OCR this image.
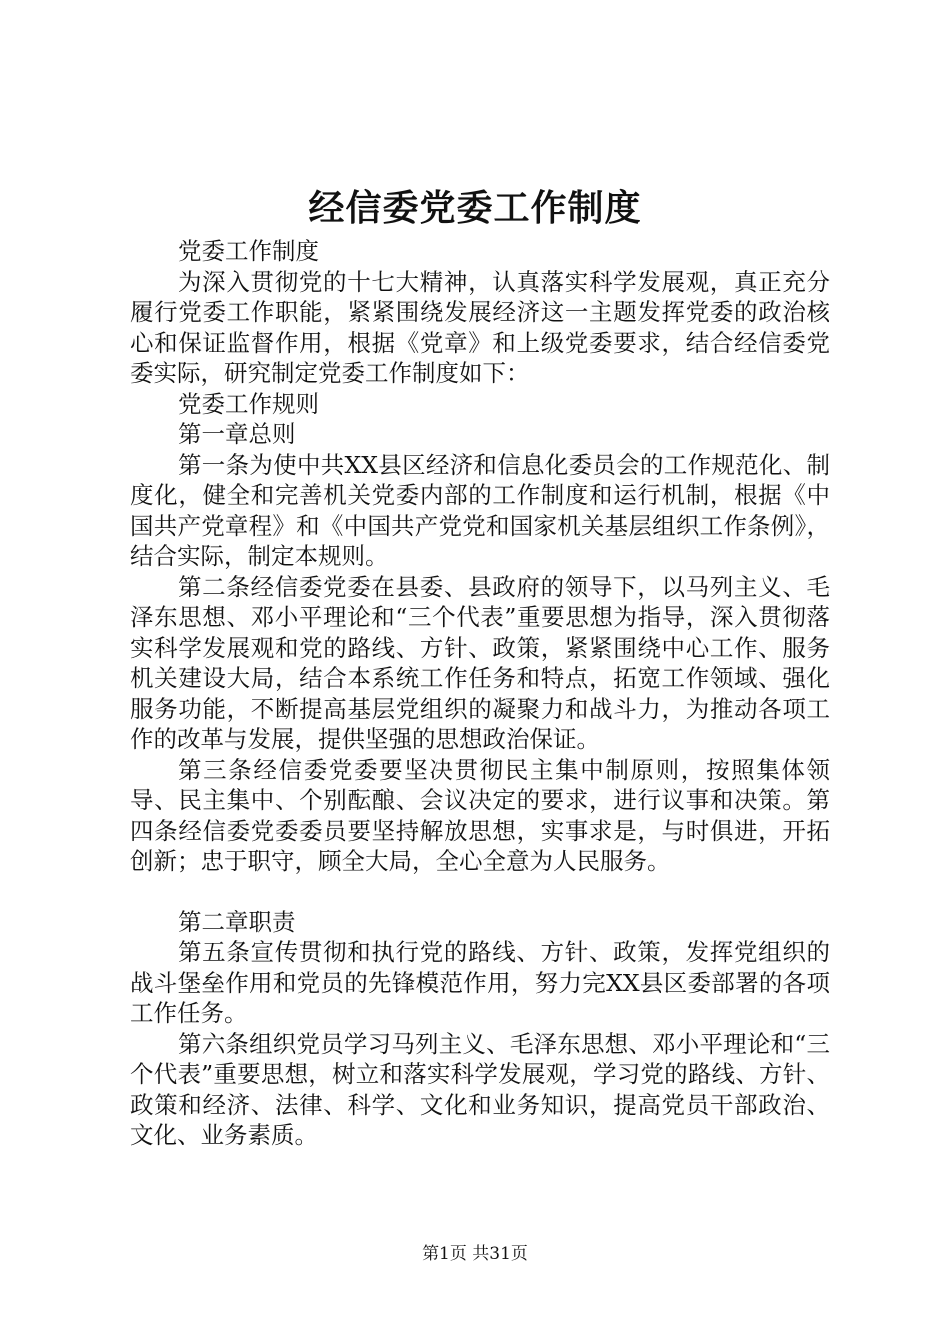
经信委党委工作制度

党委工作制度

为深入贯彻党的十七大精神，认真落实科学发展观，真正充分履行党委工作职能，紧紧围绕发展经济这一主题发挥党委的政治核心和保证监督作用，根据《党章》和上级党委要求，结合经信委党委实际，研究制定党委工作制度如下：

党委工作规则

第一章总则

第一条为使中共XX县区经济和信息化委员会的工作规范化、制度化，健全和完善机关党委内部的工作制度和运行机制，根据《中国共产党章程》和《中国共产党党和国家机关基层组织工作条例》，结合实际，制定本规则。

第二条经信委党委在县委、县政府的领导下，以马列主义、毛泽东思想、邓小平理论和“三个代表”重要思想为指导，深入贯彻落实科学发展观和党的路线、方针、政策，紧紧围绕中心工作、服务机关建设大局，结合本系统工作任务和特点，拓宽工作领域、强化服务功能，不断提高基层党组织的凝聚力和战斗力，为推动各项工作的改革与发展，提供坚强的思想政治保证。

第三条经信委党委要坚决贯彻民主集中制原则，按照集体领导、民主集中、个别酝酿、会议决定的要求，进行议事和决策。第四条经信委党委委员要坚持解放思想，实事求是，与时俱进，开拓创新；忠于职守，顾全大局，全心全意为人民服务。

第二章职责

第五条宣传贯彻和执行党的路线、方针、政策，发挥党组织的战斗堡垒作用和党员的先锋模范作用，努力完XX县区委部署的各项工作任务。

第六条组织党员学习马列主义、毛泽东思想、邓小平理论和“三个代表”重要思想，树立和落实科学发展观，学习党的路线、方针、政策和经济、法律、科学、文化和业务知识，提高党员干部政治、文化、业务素质。

第1页 共31页
